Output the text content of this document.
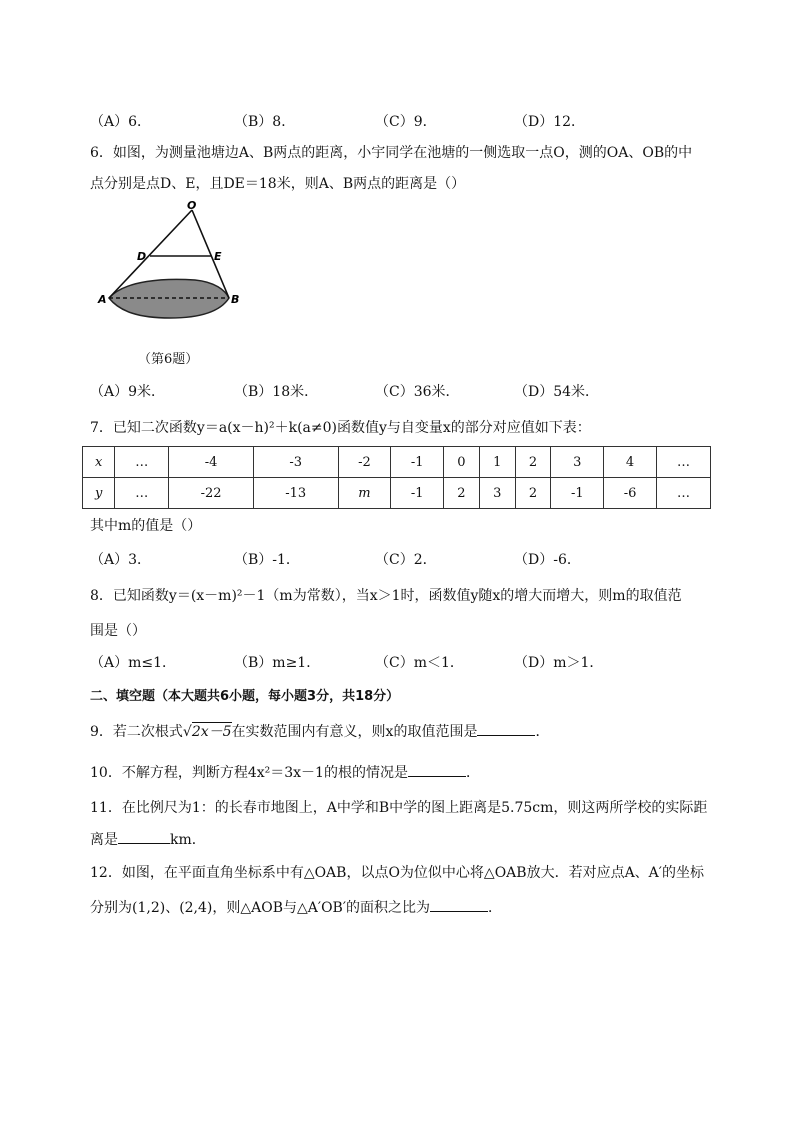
（A）6．	（B）8．	（C）9．	（D）12．
6．如图，为测量池塘边A、B两点的距离，小宇同学在池塘的一侧选取一点O，测的OA、OB的中
点分别是点D、E，且DE＝18米，则A、B两点的距离是（）
O
D	E
A	B
（第6题）
（A）9米．	（B）18米．	（C）36米．	（D）54米．
7．已知二次函数y＝a(x－h)²＋k(a≠0)函数值y与自变量x的部分对应值如下表：
x	…	-4	-3	-2	-1	0	1	2	3	4	…
y	…	-22	-13	m	-1	2	3	2	-1	-6	…
其中m的值是（）
（A）3．	（B）-1．	（C）2．	（D）-6．
8．已知函数y＝(x－m)²－1（m为常数），当x＞1时，函数值y随x的增大而增大，则m的取值范
围是（）
（A）m≤1．	（B）m≥1．	（C）m＜1．	（D）m＞1．
二、填空题（本大题共6小题，每小题3分，共18分）
9．若二次根式√2x－5在实数范围内有意义，则x的取值范围是	．
10．不解方程，判断方程4x²＝3x－1的根的情况是	．
11．在比例尺为1：的长春市地图上，A中学和B中学的图上距离是5.75cm，则这两所学校的实际距
离是	km．
12．如图，在平面直角坐标系中有△OAB，以点O为位似中心将△OAB放大．若对应点A、A′的坐标
分别为(1,2)、(2,4)，则△AOB与△A′OB′的面积之比为	．
